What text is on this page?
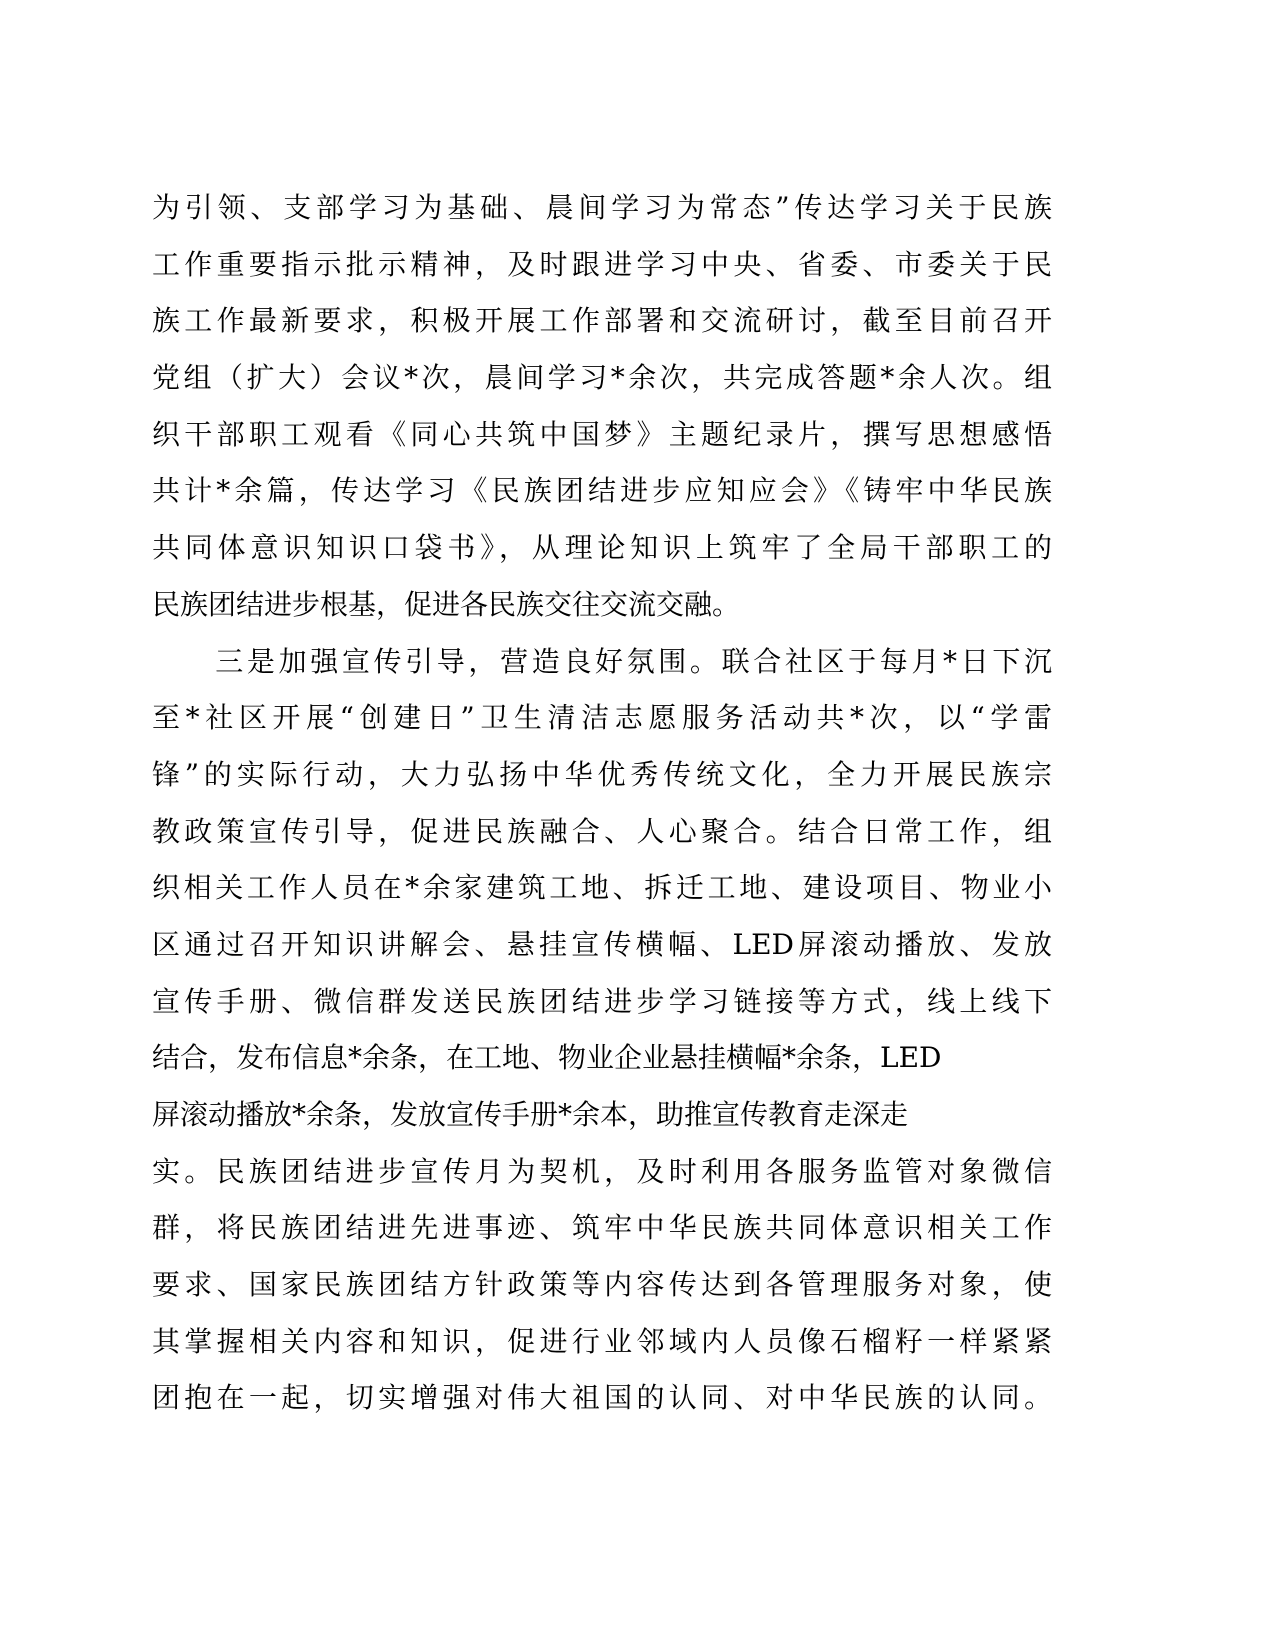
为引领、支部学习为基础、晨间学习为常态”传达学习关于民族
工作重要指示批示精神，及时跟进学习中央、省委、市委关于民
族工作最新要求，积极开展工作部署和交流研讨，截至目前召开
党组（扩大）会议*次，晨间学习*余次，共完成答题*余人次。组
织干部职工观看《同心共筑中国梦》主题纪录片，撰写思想感悟
共计*余篇，传达学习《民族团结进步应知应会》《铸牢中华民族
共同体意识知识口袋书》，从理论知识上筑牢了全局干部职工的
民族团结进步根基，促进各民族交往交流交融。
　　三是加强宣传引导，营造良好氛围。联合社区于每月*日下沉
至*社区开展“创建日”卫生清洁志愿服务活动共*次，以“学雷
锋”的实际行动，大力弘扬中华优秀传统文化，全力开展民族宗
教政策宣传引导，促进民族融合、人心聚合。结合日常工作，组
织相关工作人员在*余家建筑工地、拆迁工地、建设项目、物业小
区通过召开知识讲解会、悬挂宣传横幅、LED屏滚动播放、发放
宣传手册、微信群发送民族团结进步学习链接等方式，线上线下
结合，发布信息*余条，在工地、物业企业悬挂横幅*余条，LED
屏滚动播放*余条，发放宣传手册*余本，助推宣传教育走深走
实。民族团结进步宣传月为契机，及时利用各服务监管对象微信
群，将民族团结进先进事迹、筑牢中华民族共同体意识相关工作
要求、国家民族团结方针政策等内容传达到各管理服务对象，使
其掌握相关内容和知识，促进行业邻域内人员像石榴籽一样紧紧
团抱在一起，切实增强对伟大祖国的认同、对中华民族的认同。
